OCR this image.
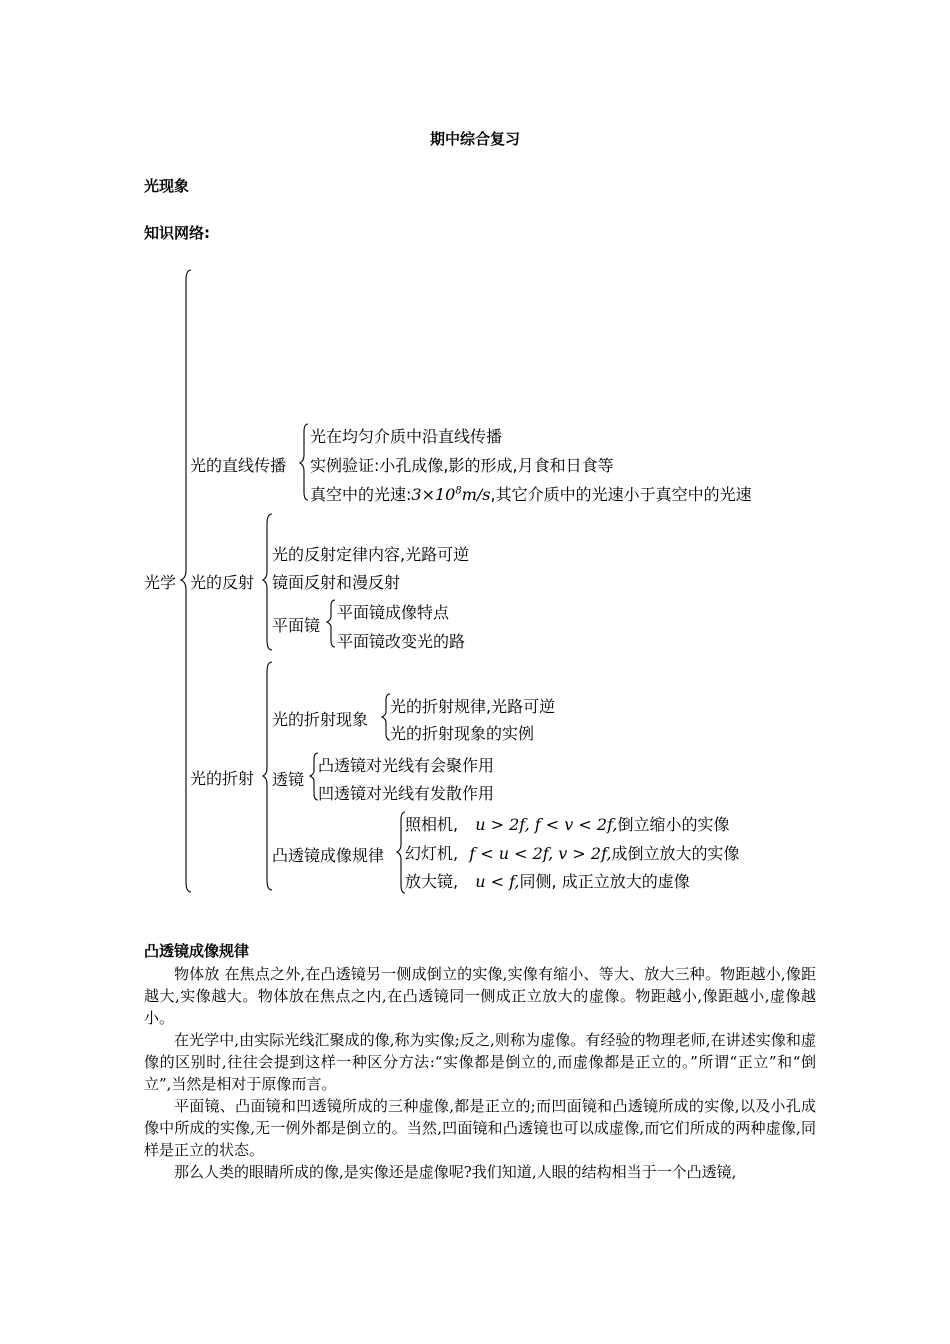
期中综合复习
光现象
知识网络:
光学
光的直线传播
光在均匀介质中沿直线传播
实例验证:小孔成像,影的形成,月食和日食等
真空中的光速$:3\times 10^8m/s$,其它介质中的光速小于真空中的光速
光的反射
光的反射定律内容,光路可逆
镜面反射和漫反射
平面镜
平面镜成像特点
平面镜改变光的路
光的折射
光的折射现象
光的折射规律,光路可逆
光的折射现象的实例
透镜
凸透镜对光线有会聚作用
凹透镜对光线有发散作用
凸透镜成像规律
照相机, u > 2f, f < v < 2f,倒立缩小的实像
幻灯机, f < u < 2f, v > 2f,成倒立放大的实像
放大镜, u < f,同侧, 成正立放大的虚像
凸透镜成像规律

物体放 在焦点之外,在凸透镜另一侧成倒立的实像,实像有缩小、等大、放大三种。物距越小,像距越大,实像越大。物体放在焦点之内,在凸透镜同一侧成正立放大的虚像。物距越小,像距越小,虚像越小。

在光学中,由实际光线汇聚成的像,称为实像;反之,则称为虚像。有经验的物理老师,在讲述实像和虚像的区别时,往往会提到这样一种区分方法:“实像都是倒立的,而虚像都是正立的。”所谓“正立”和“倒立”,当然是相对于原像而言。

平面镜、凸面镜和凹透镜所成的三种虚像,都是正立的;而凹面镜和凸透镜所成的实像,以及小孔成像中所成的实像,无一例外都是倒立的。当然,凹面镜和凸透镜也可以成虚像,而它们所成的两种虚像,同样是正立的状态。

那么人类的眼睛所成的像,是实像还是虚像呢?我们知道,人眼的结构相当于一个凸透镜,
